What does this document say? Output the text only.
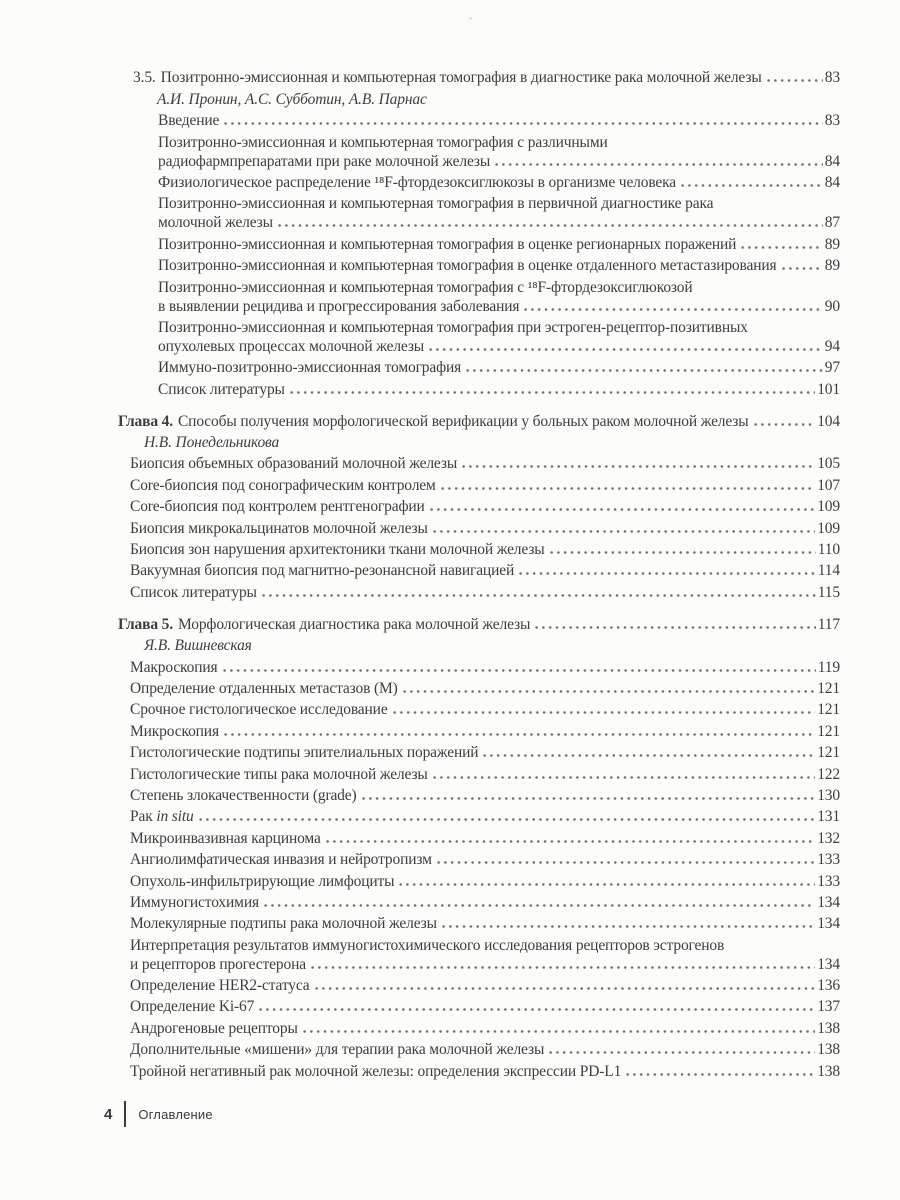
3.5. Позитронно-эмиссионная и компьютерная томография в диагностике рака молочной железы	83
А.И. Пронин, А.С. Субботин, А.В. Парнас
Введение	83
Позитронно-эмиссионная и компьютерная томография с различными
радиофармпрепаратами при раке молочной железы	84
Физиологическое распределение ¹⁸F-фтордезоксиглюкозы в организме человека	84
Позитронно-эмиссионная и компьютерная томография в первичной диагностике рака
молочной железы	87
Позитронно-эмиссионная и компьютерная томография в оценке регионарных поражений	89
Позитронно-эмиссионная и компьютерная томография в оценке отдаленного метастазирования	89
Позитронно-эмиссионная и компьютерная томография с ¹⁸F-фтордезоксиглюкозой
в выявлении рецидива и прогрессирования заболевания	90
Позитронно-эмиссионная и компьютерная томография при эстроген-рецептор-позитивных
опухолевых процессах молочной железы	94
Иммуно-позитронно-эмиссионная томография	97
Список литературы	101
Глава 4. Способы получения морфологической верификации у больных раком молочной железы	104
Н.В. Понедельникова
Биопсия объемных образований молочной железы	105
Core-биопсия под сонографическим контролем	107
Core-биопсия под контролем рентгенографии	109
Биопсия микрокальцинатов молочной железы	109
Биопсия зон нарушения архитектоники ткани молочной железы	110
Вакуумная биопсия под магнитно-резонансной навигацией	114
Список литературы	115
Глава 5. Морфологическая диагностика рака молочной железы	117
Я.В. Вишневская
Макроскопия	119
Определение отдаленных метастазов (М)	121
Срочное гистологическое исследование	121
Микроскопия	121
Гистологические подтипы эпителиальных поражений	121
Гистологические типы рака молочной железы	122
Степень злокачественности (grade)	130
Рак in situ	131
Микроинвазивная карцинома	132
Ангиолимфатическая инвазия и нейротропизм	133
Опухоль-инфильтрирующие лимфоциты	133
Иммуногистохимия	134
Молекулярные подтипы рака молочной железы	134
Интерпретация результатов иммуногистохимического исследования рецепторов эстрогенов
и рецепторов прогестерона	134
Определение HER2-статуса	136
Определение Ki-67	137
Андрогеновые рецепторы	138
Дополнительные «мишени» для терапии рака молочной железы	138
Тройной негативный рак молочной железы: определения экспрессии PD-L1	138
4 Оглавление
